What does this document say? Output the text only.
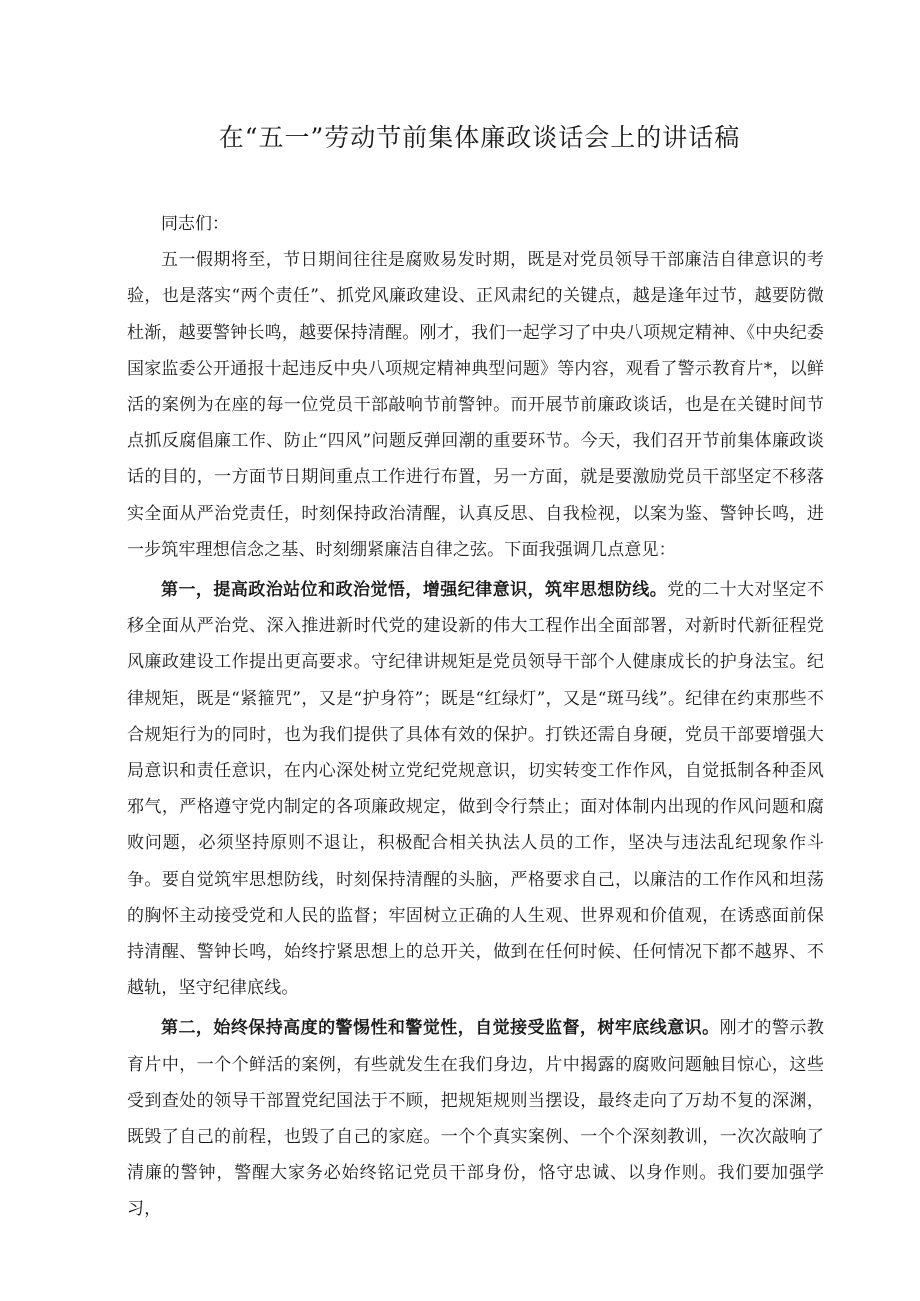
在“五一”劳动节前集体廉政谈话会上的讲话稿

同志们：

五一假期将至，节日期间往往是腐败易发时期，既是对党员领导干部廉洁自律意识的考验，也是落实“两个责任”、抓党风廉政建设、正风肃纪的关键点，越是逢年过节，越要防微杜渐，越要警钟长鸣，越要保持清醒。刚才，我们一起学习了中央八项规定精神、《中央纪委国家监委公开通报十起违反中央八项规定精神典型问题》等内容，观看了警示教育片*，以鲜活的案例为在座的每一位党员干部敲响节前警钟。而开展节前廉政谈话，也是在关键时间节点抓反腐倡廉工作、防止“四风”问题反弹回潮的重要环节。今天，我们召开节前集体廉政谈话的目的，一方面节日期间重点工作进行布置，另一方面，就是要激励党员干部坚定不移落实全面从严治党责任，时刻保持政治清醒，认真反思、自我检视，以案为鉴、警钟长鸣，进一步筑牢理想信念之基、时刻绷紧廉洁自律之弦。下面我强调几点意见：

第一，提高政治站位和政治觉悟，增强纪律意识，筑牢思想防线。党的二十大对坚定不移全面从严治党、深入推进新时代党的建设新的伟大工程作出全面部署，对新时代新征程党风廉政建设工作提出更高要求。守纪律讲规矩是党员领导干部个人健康成长的护身法宝。纪律规矩，既是“紧箍咒”，又是“护身符”；既是“红绿灯”，又是“斑马线”。纪律在约束那些不合规矩行为的同时，也为我们提供了具体有效的保护。打铁还需自身硬，党员干部要增强大局意识和责任意识，在内心深处树立党纪党规意识，切实转变工作作风，自觉抵制各种歪风邪气，严格遵守党内制定的各项廉政规定，做到令行禁止；面对体制内出现的作风问题和腐败问题，必须坚持原则不退让，积极配合相关执法人员的工作，坚决与违法乱纪现象作斗争。要自觉筑牢思想防线，时刻保持清醒的头脑，严格要求自己，以廉洁的工作作风和坦荡的胸怀主动接受党和人民的监督；牢固树立正确的人生观、世界观和价值观，在诱惑面前保持清醒、警钟长鸣，始终拧紧思想上的总开关，做到在任何时候、任何情况下都不越界、不越轨，坚守纪律底线。

第二，始终保持高度的警惕性和警觉性，自觉接受监督，树牢底线意识。刚才的警示教育片中，一个个鲜活的案例，有些就发生在我们身边，片中揭露的腐败问题触目惊心，这些受到查处的领导干部置党纪国法于不顾，把规矩规则当摆设，最终走向了万劫不复的深渊，既毁了自己的前程，也毁了自己的家庭。一个个真实案例、一个个深刻教训，一次次敲响了清廉的警钟，警醒大家务必始终铭记党员干部身份，恪守忠诚、以身作则。我们要加强学习，
